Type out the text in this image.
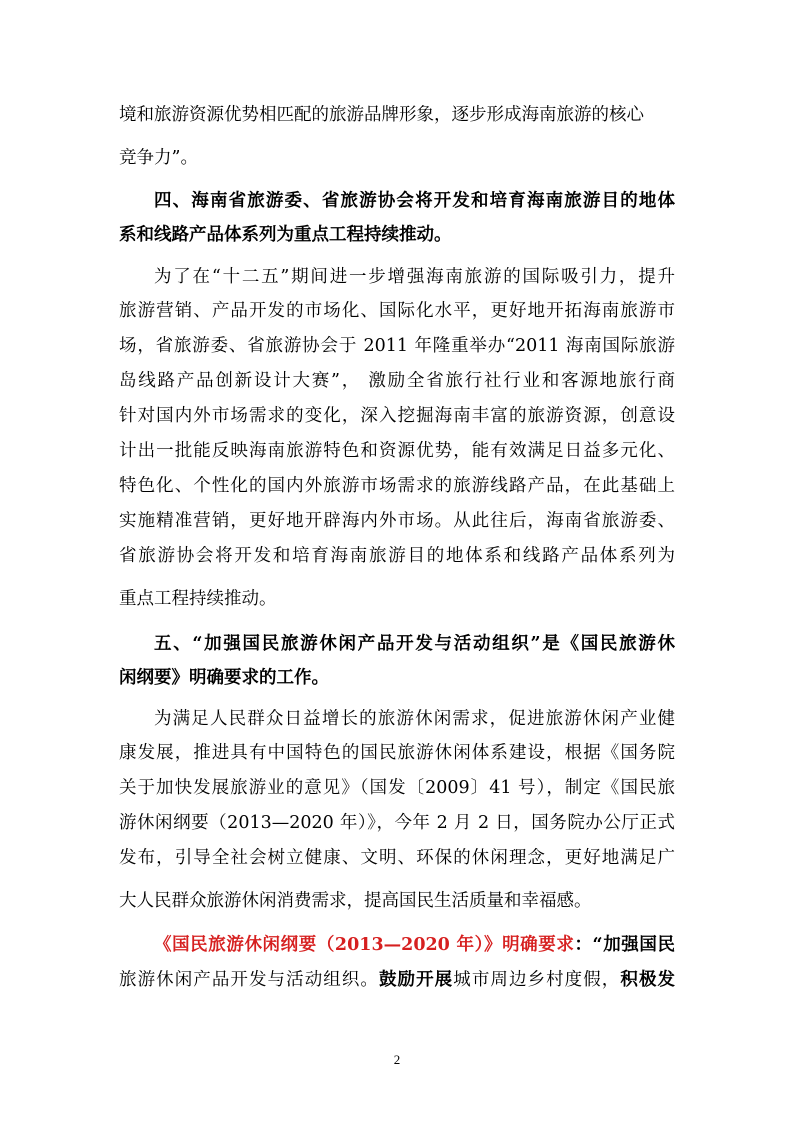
境和旅游资源优势相匹配的旅游品牌形象，逐步形成海南旅游的核心
竞争力”。
四、海南省旅游委、省旅游协会将开发和培育海南旅游目的地体
系和线路产品体系列为重点工程持续推动。
为了在“十二五”期间进一步增强海南旅游的国际吸引力，提升
旅游营销、产品开发的市场化、国际化水平，更好地开拓海南旅游市
场，省旅游委、省旅游协会于 2011 年隆重举办“2011 海南国际旅游
岛线路产品创新设计大赛”， 激励全省旅行社行业和客源地旅行商
针对国内外市场需求的变化，深入挖掘海南丰富的旅游资源，创意设
计出一批能反映海南旅游特色和资源优势，能有效满足日益多元化、
特色化、个性化的国内外旅游市场需求的旅游线路产品，在此基础上
实施精准营销，更好地开辟海内外市场。从此往后，海南省旅游委、
省旅游协会将开发和培育海南旅游目的地体系和线路产品体系列为
重点工程持续推动。
五、“加强国民旅游休闲产品开发与活动组织”是《国民旅游休
闲纲要》明确要求的工作。
为满足人民群众日益增长的旅游休闲需求，促进旅游休闲产业健
康发展，推进具有中国特色的国民旅游休闲体系建设，根据《国务院
关于加快发展旅游业的意见》（国发〔2009〕41 号），制定《国民旅
游休闲纲要（2013—2020 年）》，今年 2 月 2 日，国务院办公厅正式
发布，引导全社会树立健康、文明、环保的休闲理念，更好地满足广
大人民群众旅游休闲消费需求，提高国民生活质量和幸福感。
《国民旅游休闲纲要（2013—2020 年）》明确要求：“加强国民
旅游休闲产品开发与活动组织。鼓励开展城市周边乡村度假，积极发
2
